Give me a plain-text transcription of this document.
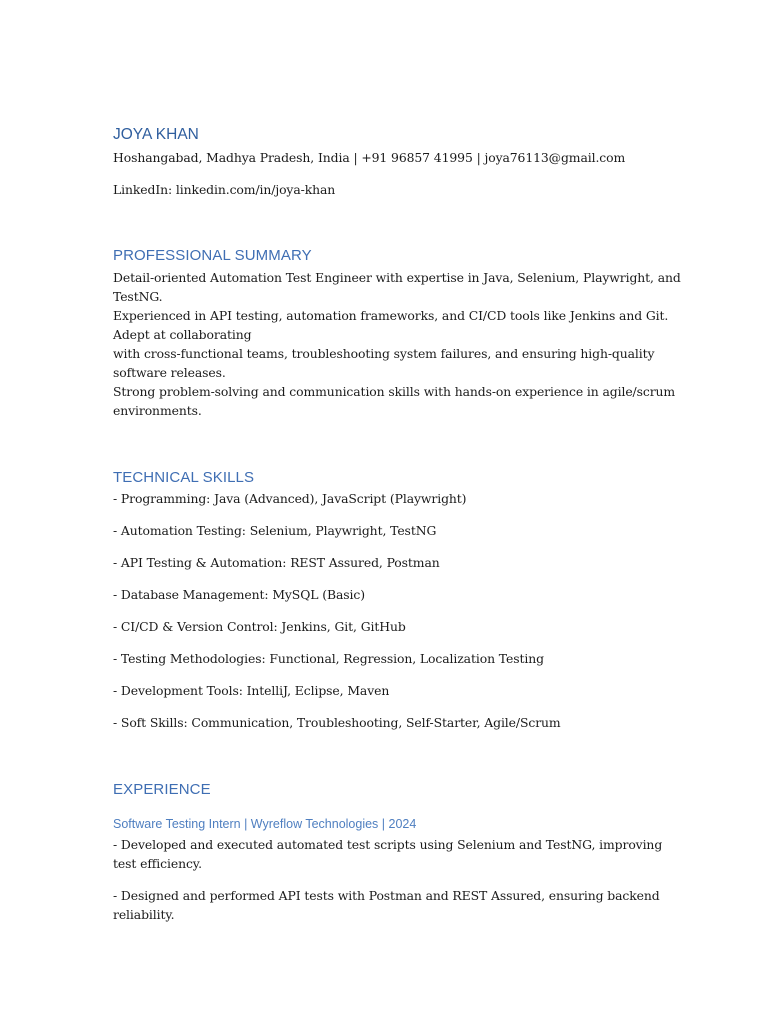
JOYA KHAN
Hoshangabad, Madhya Pradesh, India | +91 96857 41995 | joya76113@gmail.com
LinkedIn: linkedin.com/in/joya-khan
PROFESSIONAL SUMMARY
Detail-oriented Automation Test Engineer with expertise in Java, Selenium, Playwright, and
TestNG.
Experienced in API testing, automation frameworks, and CI/CD tools like Jenkins and Git.
Adept at collaborating
with cross-functional teams, troubleshooting system failures, and ensuring high-quality
software releases.
Strong problem-solving and communication skills with hands-on experience in agile/scrum
environments.
TECHNICAL SKILLS
- Programming: Java (Advanced), JavaScript (Playwright)
- Automation Testing: Selenium, Playwright, TestNG
- API Testing & Automation: REST Assured, Postman
- Database Management: MySQL (Basic)
- CI/CD & Version Control: Jenkins, Git, GitHub
- Testing Methodologies: Functional, Regression, Localization Testing
- Development Tools: IntelliJ, Eclipse, Maven
- Soft Skills: Communication, Troubleshooting, Self-Starter, Agile/Scrum
EXPERIENCE
Software Testing Intern | Wyreflow Technologies | 2024
- Developed and executed automated test scripts using Selenium and TestNG, improving
test efficiency.
- Designed and performed API tests with Postman and REST Assured, ensuring backend
reliability.
